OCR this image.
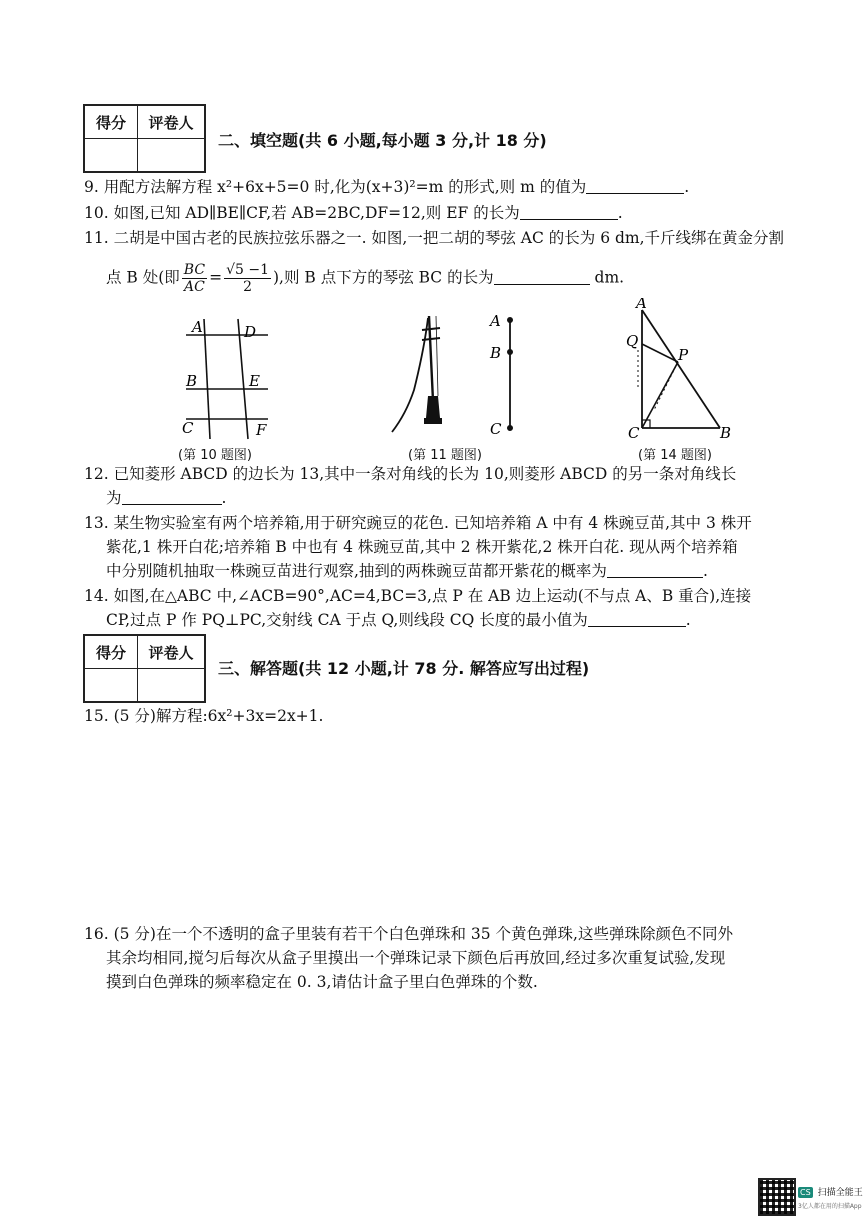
得分	评卷人

二、填空题(共 6 小题,每小题 3 分,计 18 分)
9. 用配方法解方程 x²+6x+5=0 时,化为(x+3)²=m 的形式,则 m 的值为	.
10. 如图,已知 AD∥BE∥CF,若 AB=2BC,DF=12,则 EF 的长为	.
11. 二胡是中国古老的民族拉弦乐器之一. 如图,一把二胡的琴弦 AC 的长为 6 dm,千斤线绑在黄金分割
点 B 处(即 $\frac{BC}{AC} = \frac{√5 -1}{2}$ ),则 B 点下方的琴弦 BC 的长为	dm.
A	D
B	E
C	F
(第 10 题图)
A
B
C
(第 11 题图)
A
Q
P
C	B
(第 14 题图)
12. 已知菱形 ABCD 的边长为 13,其中一条对角线的长为 10,则菱形 ABCD 的另一条对角线长
为	.
13. 某生物实验室有两个培养箱,用于研究豌豆的花色. 已知培养箱 A 中有 4 株豌豆苗,其中 3 株开
紫花,1 株开白花;培养箱 B 中也有 4 株豌豆苗,其中 2 株开紫花,2 株开白花. 现从两个培养箱
中分别随机抽取一株豌豆苗进行观察,抽到的两株豌豆苗都开紫花的概率为	.
14. 如图,在△ABC 中,∠ACB=90°,AC=4,BC=3,点 P 在 AB 边上运动(不与点 A、B 重合),连接
CP,过点 P 作 PQ⊥PC,交射线 CA 于点 Q,则线段 CQ 长度的最小值为	.
得分	评卷人

三、解答题(共 12 小题,计 78 分. 解答应写出过程)
15. (5 分)解方程:6x²+3x=2x+1.
16. (5 分)在一个不透明的盒子里装有若干个白色弹珠和 35 个黄色弹珠,这些弹珠除颜色不同外
其余均相同,搅匀后每次从盒子里摸出一个弹珠记录下颜色后再放回,经过多次重复试验,发现
摸到白色弹珠的频率稳定在 0. 3,请估计盒子里白色弹珠的个数.
CS 扫描全能王
3亿人都在用的扫描App
